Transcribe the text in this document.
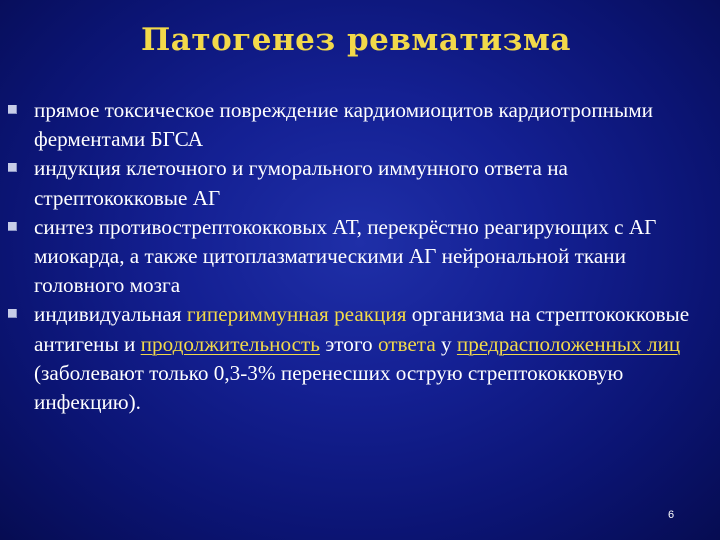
Патогенез ревматизма
прямое токсическое повреждение кардиомиоцитов кардиотропными ферментами БГСА
индукция клеточного и гуморального иммунного ответа на стрептококковые АГ
синтез противострептококковых АТ, перекрёстно реагирующих с АГ миокарда, а также цитоплазматическими АГ нейрональной ткани головного мозга
индивидуальная гипериммунная реакция организма на стрептококковые антигены и продолжительность этого ответа у предрасположенных лиц (заболевают только 0,3-3% перенесших острую стрептококковую инфекцию).
6
